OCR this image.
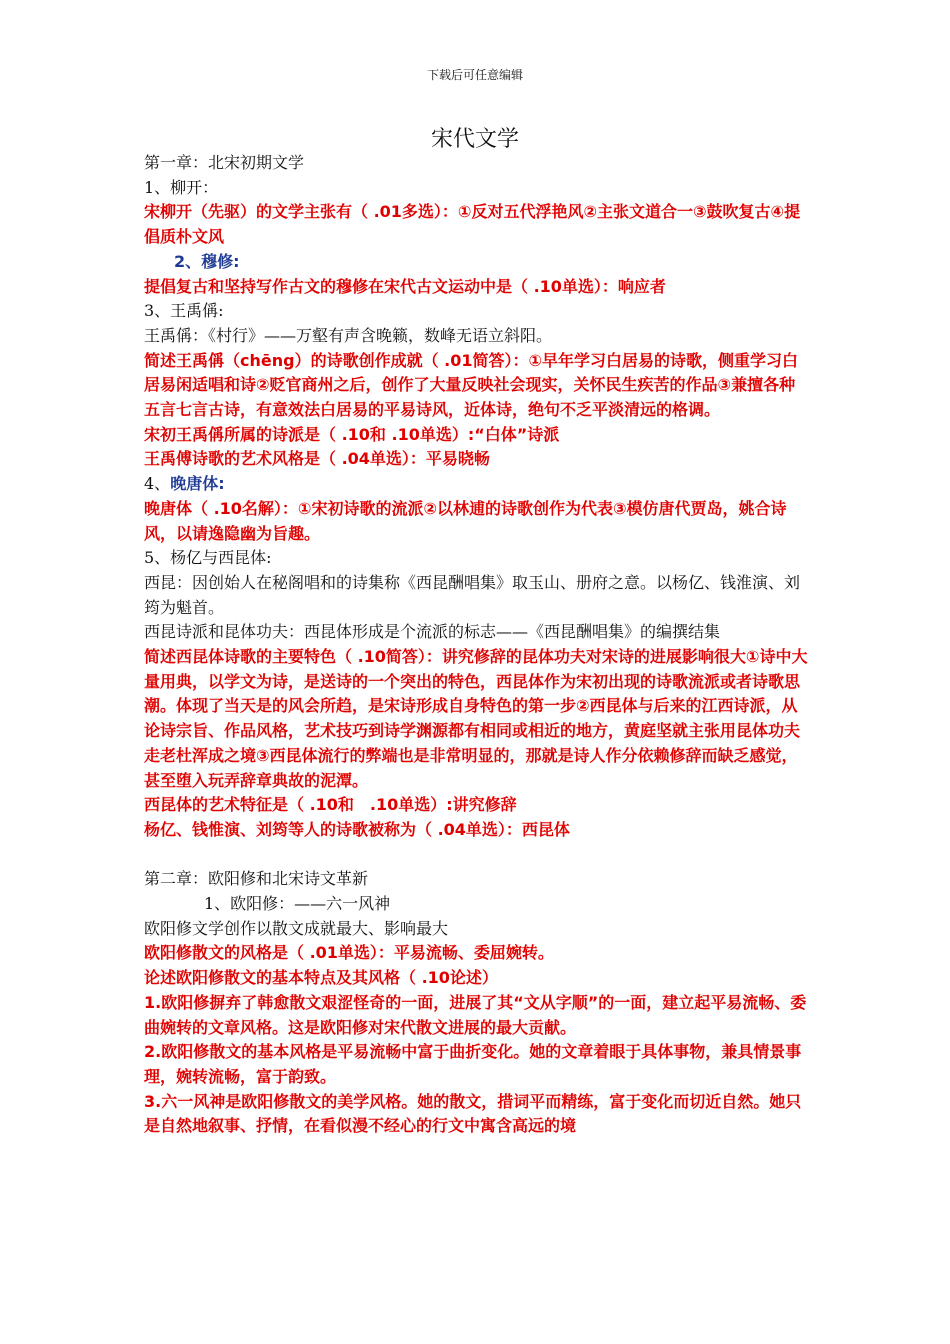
下载后可任意编辑
宋代文学

第一章：北宋初期文学

1、柳开：

宋柳开（先驱）的文学主张有（ .01多选）：①反对五代浮艳风②主张文道合一③鼓吹复古④提倡质朴文风

2、穆修:

提倡复古和坚持写作古文的穆修在宋代古文运动中是（ .10单选）：响应者

3、王禹偁:

王禹偁：《村行》——万壑有声含晚籁，数峰无语立斜阳。

简述王禹偁（chēng）的诗歌创作成就（ .01简答）：①早年学习白居易的诗歌，侧重学习白居易闲适唱和诗②贬官商州之后，创作了大量反映社会现实，关怀民生疾苦的作品③兼擅各种五言七言古诗，有意效法白居易的平易诗风，近体诗，绝句不乏平淡清远的格调。

宋初王禹偁所属的诗派是（ .10和 .10单选）:“白体”诗派

王禹傅诗歌的艺术风格是（ .04单选）：平易晓畅

4、晚唐体:

晚唐体（ .10名解）：①宋初诗歌的流派②以林逋的诗歌创作为代表③模仿唐代贾岛，姚合诗风，以请逸隐幽为旨趣。

5、杨亿与西昆体:

西昆：因创始人在秘阁唱和的诗集称《西昆酬唱集》取玉山、册府之意。以杨亿、钱淮演、刘筠为魁首。

西昆诗派和昆体功夫：西昆体形成是个流派的标志——《西昆酬唱集》的编撰结集

简述西昆体诗歌的主要特色（ .10简答）：讲究修辞的昆体功夫对宋诗的进展影响很大①诗中大量用典，以学文为诗，是送诗的一个突出的特色，西昆体作为宋初出现的诗歌流派或者诗歌思潮。体现了当天是的风会所趋，是宋诗形成自身特色的第一步②西昆体与后来的江西诗派，从论诗宗旨、作品风格，艺术技巧到诗学渊源都有相同或相近的地方，黄庭坚就主张用昆体功夫走老杜浑成之境③西昆体流行的弊端也是非常明显的，那就是诗人作分依赖修辞而缺乏感觉，甚至堕入玩弄辞章典故的泥潭。

西昆体的艺术特征是（ .10和　.10单选）:讲究修辞

杨亿、钱惟演、刘筠等人的诗歌被称为（ .04单选）：西昆体

第二章：欧阳修和北宋诗文革新

1、欧阳修：——六一风神

欧阳修文学创作以散文成就最大、影响最大

欧阳修散文的风格是（ .01单选）：平易流畅、委屈婉转。

论述欧阳修散文的基本特点及其风格（ .10论述）

1.欧阳修摒弃了韩愈散文艰涩怪奇的一面，进展了其“文从字顺”的一面，建立起平易流畅、委曲婉转的文章风格。这是欧阳修对宋代散文进展的最大贡献。

2.欧阳修散文的基本风格是平易流畅中富于曲折变化。她的文章着眼于具体事物，兼具情景事理，婉转流畅，富于韵致。

3.六一风神是欧阳修散文的美学风格。她的散文，措词平而精练，富于变化而切近自然。她只是自然地叙事、抒情，在看似漫不经心的行文中寓含高远的境
